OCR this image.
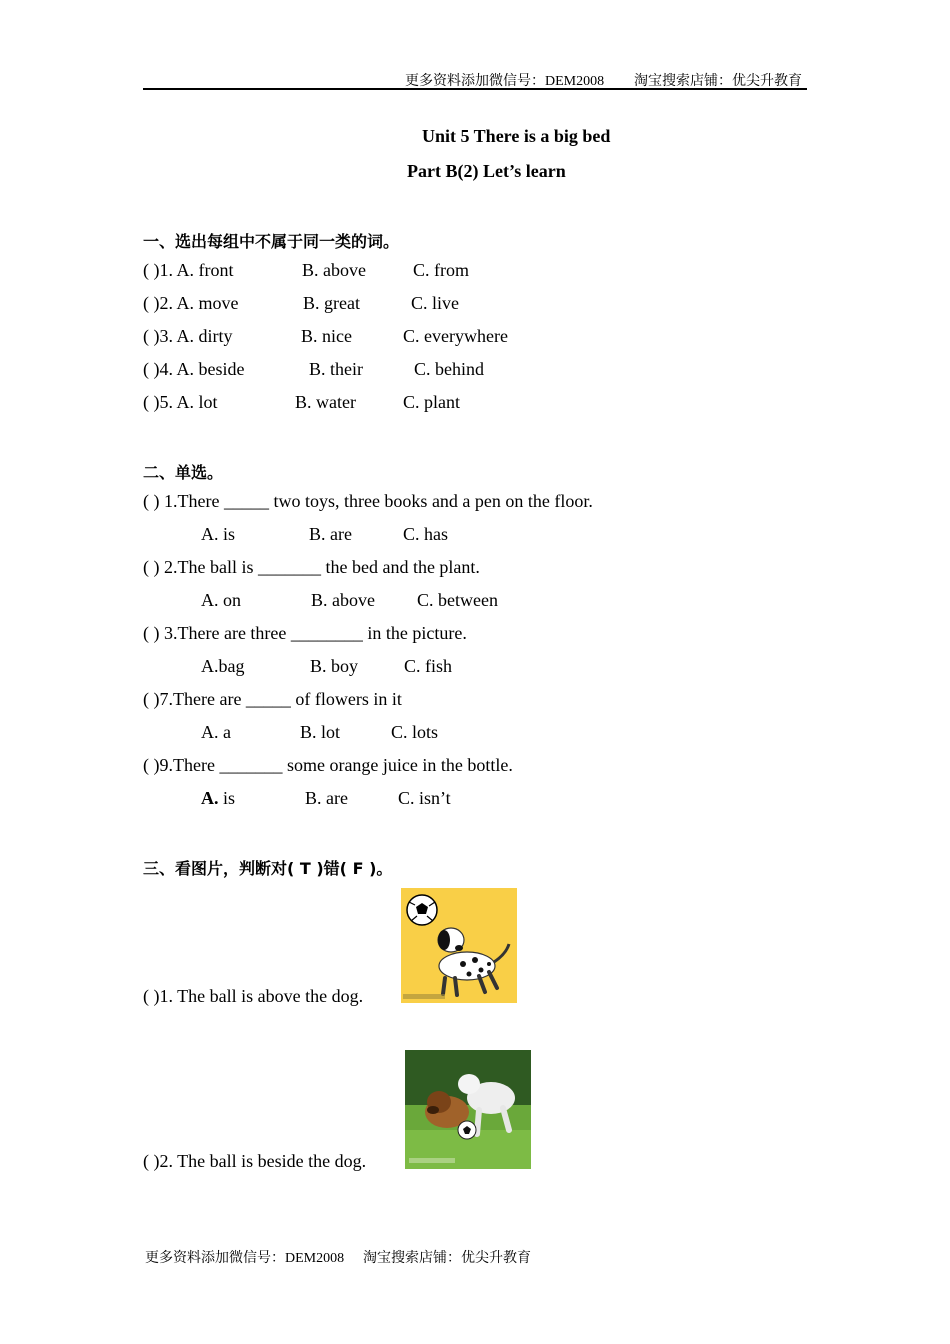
更多资料添加微信号：DEM2008 淘宝搜索店铺：优尖升教育
Unit 5 There is a big bed
Part B(2) Let’s learn
一、选出每组中不属于同一类的词。
( )1. A. front	B. above	C. from
( )2. A. move	B. great	C. live
( )3. A. dirty	B. nice	C. everywhere
( )4. A. beside	B. their	C. behind
( )5. A. lot	B. water	C. plant
二、单选。
( ) 1.There _____ two toys, three books and a pen on the floor.
A. is	B. are	C. has
( ) 2.The ball is _______ the bed and the plant.
A. on	B. above C. between
( ) 3.There are three ________ in the picture.
A.bag	B. boy	C. fish
( )7.There are _____ of flowers in it
A. a	B. lot	C. lots
( )9.There _______ some orange juice in the bottle.
A. is	B. are	C. isn’t
三、看图片，判断对( T )错( F )。
( )1. The ball is above the dog.
( )2. The ball is beside the dog.
更多资料添加微信号：DEM2008 淘宝搜索店铺：优尖升教育
